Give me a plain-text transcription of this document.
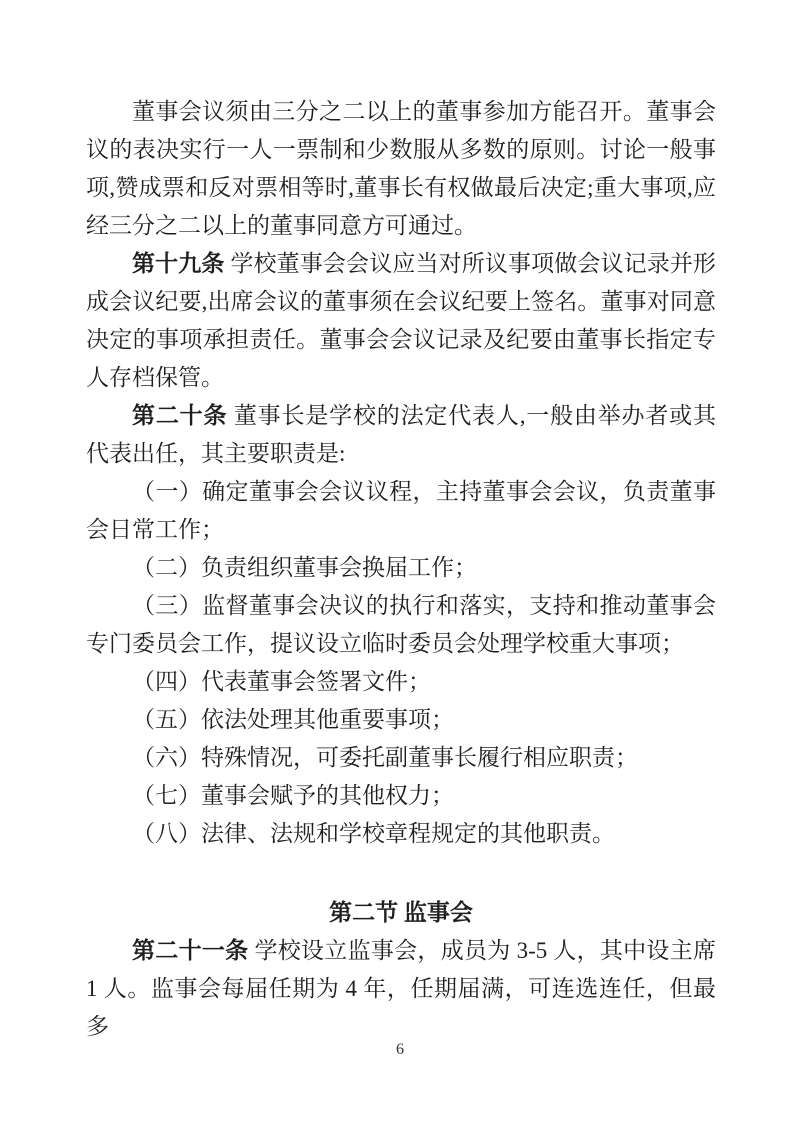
董事会议须由三分之二以上的董事参加方能召开。董事会议的表决实行一人一票制和少数服从多数的原则。讨论一般事项,赞成票和反对票相等时,董事长有权做最后决定;重大事项,应经三分之二以上的董事同意方可通过。

第十九条 学校董事会会议应当对所议事项做会议记录并形成会议纪要,出席会议的董事须在会议纪要上签名。董事对同意决定的事项承担责任。董事会会议记录及纪要由董事长指定专人存档保管。

第二十条 董事长是学校的法定代表人,一般由举办者或其代表出任，其主要职责是:

（一）确定董事会会议议程，主持董事会会议，负责董事会日常工作；

（二）负责组织董事会换届工作；

（三）监督董事会决议的执行和落实，支持和推动董事会专门委员会工作，提议设立临时委员会处理学校重大事项；

（四）代表董事会签署文件；

（五）依法处理其他重要事项；

（六）特殊情况，可委托副董事长履行相应职责；

（七）董事会赋予的其他权力；

（八）法律、法规和学校章程规定的其他职责。

第二节 监事会

第二十一条 学校设立监事会，成员为 3-5 人，其中设主席 1 人。监事会每届任期为 4 年，任期届满，可连选连任，但最多

6
